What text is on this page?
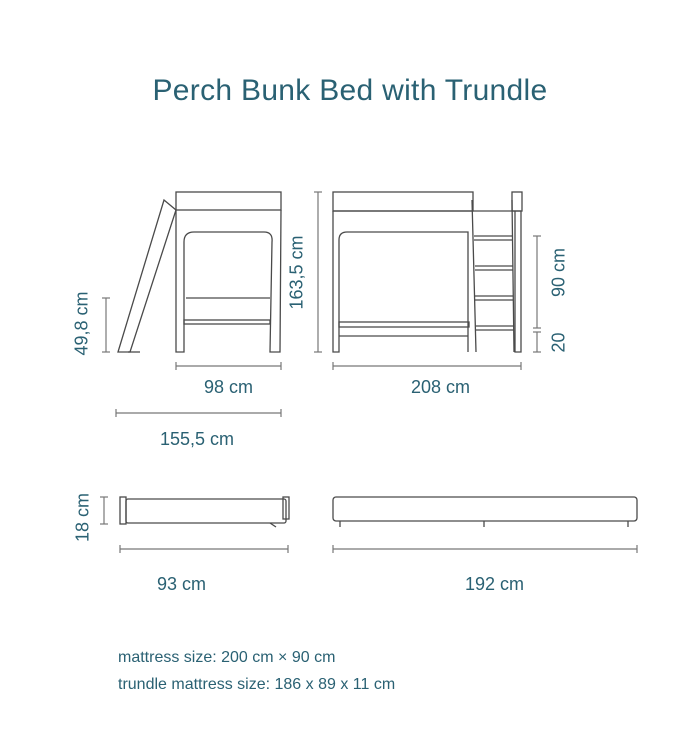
Perch Bunk Bed with Trundle
98 cm
155,5 cm
208 cm
93 cm	192 cm
49,8 cm
163,5 cm	90 cm
20
18 cm
mattress size: 200 cm × 90 cm
trundle mattress size: 186 x 89 x 11 cm
